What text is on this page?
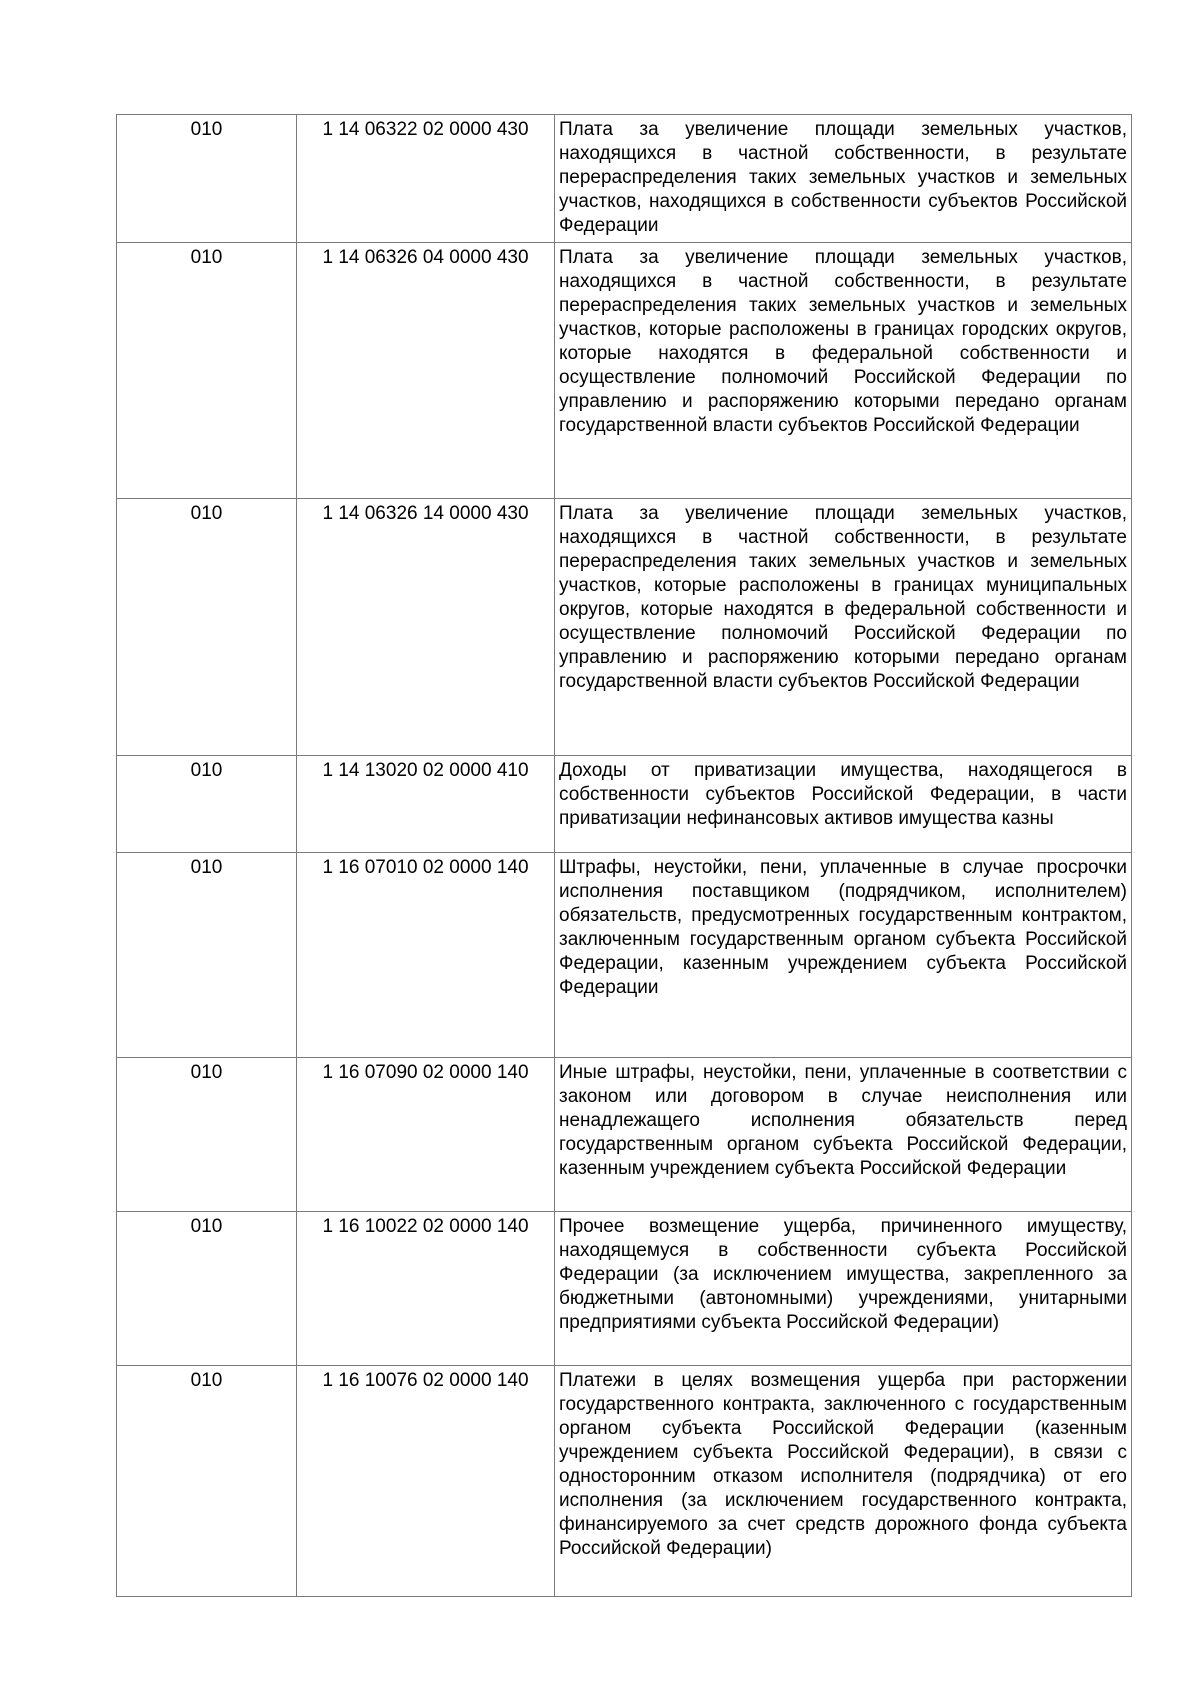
010	1 14 06322 02 0000 430	Плата за увеличение площади земельных участков, находящихся в частной собственности, в результате перераспределения таких земельных участков и земельных участков, находящихся в собственности субъектов Российской Федерации
010	1 14 06326 04 0000 430	Плата за увеличение площади земельных участков, находящихся в частной собственности, в результате перераспределения таких земельных участков и земельных участков, которые расположены в границах городских округов, которые находятся в федеральной собственности и осуществление полномочий Российской Федерации по управлению и распоряжению которыми передано органам государственной власти субъектов Российской Федерации
010	1 14 06326 14 0000 430	Плата за увеличение площади земельных участков, находящихся в частной собственности, в результате перераспределения таких земельных участков и земельных участков, которые расположены в границах муниципальных округов, которые находятся в федеральной собственности и осуществление полномочий Российской Федерации по управлению и распоряжению которыми передано органам государственной власти субъектов Российской Федерации
010	1 14 13020 02 0000 410	Доходы от приватизации имущества, находящегося в собственности субъектов Российской Федерации, в части приватизации нефинансовых активов имущества казны
010	1 16 07010 02 0000 140	Штрафы, неустойки, пени, уплаченные в случае просрочки исполнения поставщиком (подрядчиком, исполнителем) обязательств, предусмотренных государственным контрактом, заключенным государственным органом субъекта Российской Федерации, казенным учреждением субъекта Российской Федерации
010	1 16 07090 02 0000 140	Иные штрафы, неустойки, пени, уплаченные в соответствии с законом или договором в случае неисполнения или ненадлежащего исполнения обязательств перед государственным органом субъекта Российской Федерации, казенным учреждением субъекта Российской Федерации
010	1 16 10022 02 0000 140	Прочее возмещение ущерба, причиненного имуществу, находящемуся в собственности субъекта Российской Федерации (за исключением имущества, закрепленного за бюджетными (автономными) учреждениями, унитарными предприятиями субъекта Российской Федерации)
010	1 16 10076 02 0000 140	Платежи в целях возмещения ущерба при расторжении государственного контракта, заключенного с государственным органом субъекта Российской Федерации (казенным учреждением субъекта Российской Федерации), в связи с односторонним отказом исполнителя (подрядчика) от его исполнения (за исключением государственного контракта, финансируемого за счет средств дорожного фонда субъекта Российской Федерации)
